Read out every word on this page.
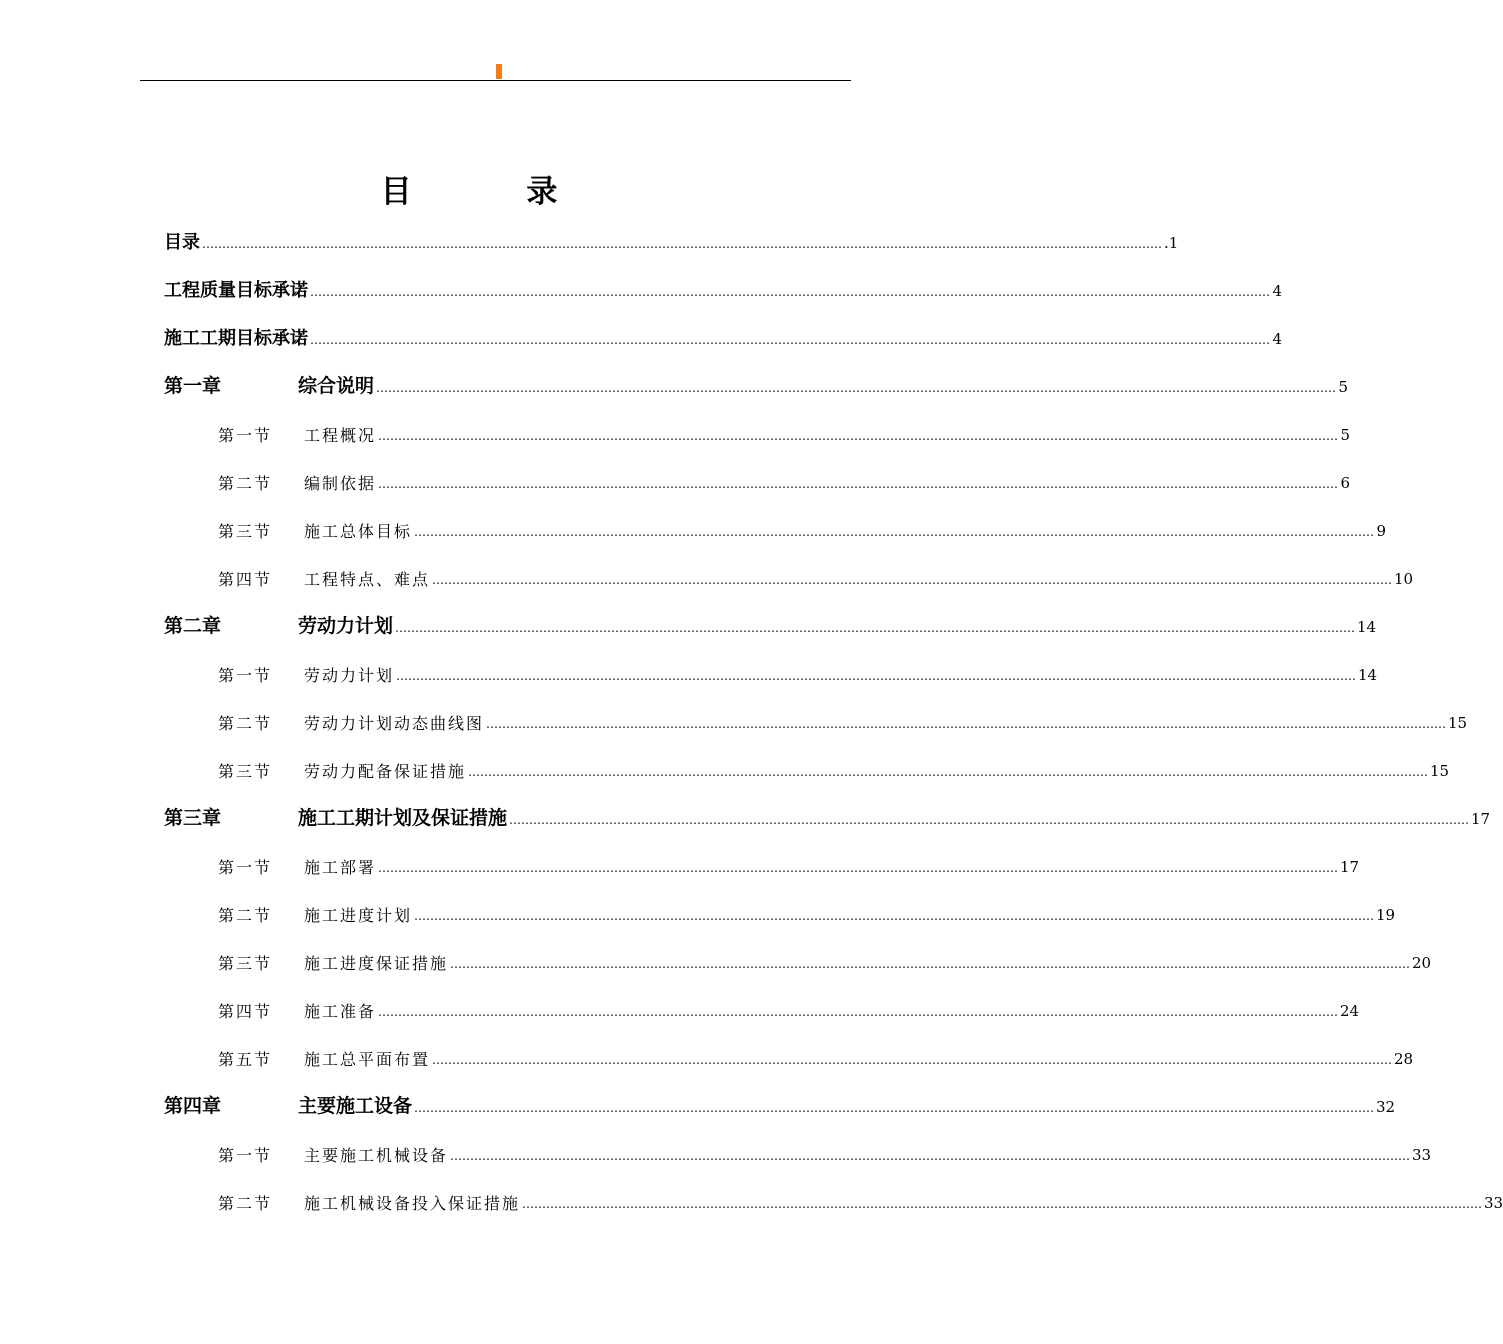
目 录
目录 …………………………………………………………………………………………………………………………………………………………………………………………………………………… .1
工程质量目标承诺 …………………………………………………………………………………………………………………………………………………………………………………………………………………… 4
施工工期目标承诺 …………………………………………………………………………………………………………………………………………………………………………………………………………………… 4
第一章	综合说明 …………………………………………………………………………………………………………………………………………………………………………………………………………………… 5
第一节 工程概况 …………………………………………………………………………………………………………………………………………………………………………………………………………………… 5
第二节 编制依据 …………………………………………………………………………………………………………………………………………………………………………………………………………………… 6
第三节 施工总体目标 …………………………………………………………………………………………………………………………………………………………………………………………………………………… 9
第四节 工程特点、难点 …………………………………………………………………………………………………………………………………………………………………………………………………………………… 10
第二章	劳动力计划 …………………………………………………………………………………………………………………………………………………………………………………………………………………… 14
第一节 劳动力计划 …………………………………………………………………………………………………………………………………………………………………………………………………………………… 14
第二节 劳动力计划动态曲线图 …………………………………………………………………………………………………………………………………………………………………………………………………………………… 15
第三节 劳动力配备保证措施 …………………………………………………………………………………………………………………………………………………………………………………………………………………… 15
第三章	施工工期计划及保证措施 …………………………………………………………………………………………………………………………………………………………………………………………………………………… 17
第一节 施工部署 …………………………………………………………………………………………………………………………………………………………………………………………………………………… 17
第二节 施工进度计划 …………………………………………………………………………………………………………………………………………………………………………………………………………………… 19
第三节 施工进度保证措施 …………………………………………………………………………………………………………………………………………………………………………………………………………………… 20
第四节 施工准备 …………………………………………………………………………………………………………………………………………………………………………………………………………………… 24
第五节 施工总平面布置 …………………………………………………………………………………………………………………………………………………………………………………………………………………… 28
第四章	主要施工设备 …………………………………………………………………………………………………………………………………………………………………………………………………………………… 32
第一节 主要施工机械设备 …………………………………………………………………………………………………………………………………………………………………………………………………………………… 33
第二节 施工机械设备投入保证措施 …………………………………………………………………………………………………………………………………………………………………………………………………………………… 33
